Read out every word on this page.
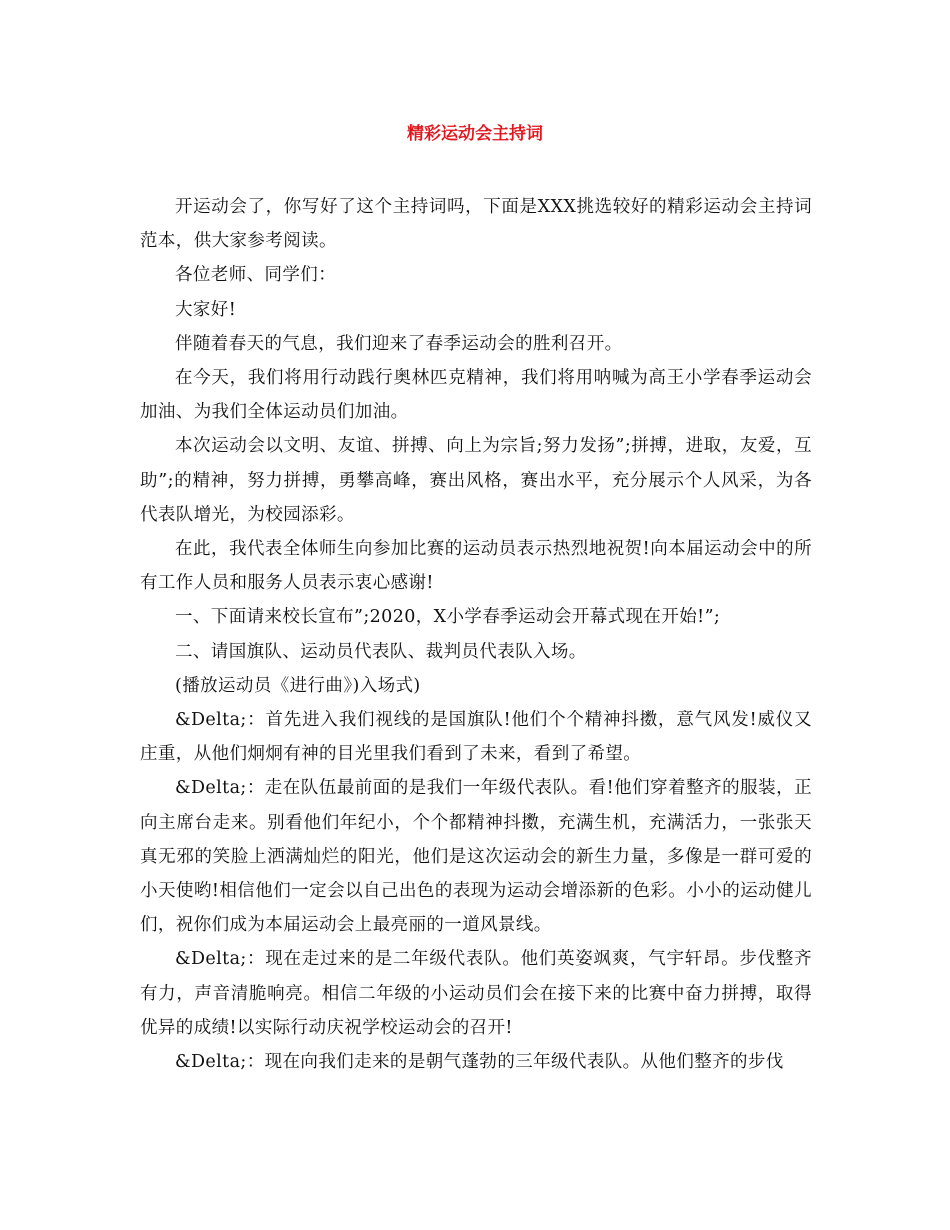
精彩运动会主持词

开运动会了，你写好了这个主持词吗，下面是XXX挑选较好的精彩运动会主持词范本，供大家参考阅读。

各位老师、同学们：

大家好!

伴随着春天的气息，我们迎来了春季运动会的胜利召开。

在今天，我们将用行动践行奥林匹克精神，我们将用呐喊为高王小学春季运动会加油、为我们全体运动员们加油。

本次运动会以文明、友谊、拼搏、向上为宗旨;努力发扬”;拼搏，进取，友爱，互助”;的精神，努力拼搏，勇攀高峰，赛出风格，赛出水平，充分展示个人风采，为各代表队增光，为校园添彩。

在此，我代表全体师生向参加比赛的运动员表示热烈地祝贺!向本届运动会中的所有工作人员和服务人员表示衷心感谢!

一、下面请来校长宣布”;2020，X小学春季运动会开幕式现在开始!”;

二、请国旗队、运动员代表队、裁判员代表队入场。

(播放运动员《进行曲》)入场式)

&Delta;：首先进入我们视线的是国旗队!他们个个精神抖擞，意气风发!威仪又庄重，从他们炯炯有神的目光里我们看到了未来，看到了希望。

&Delta;：走在队伍最前面的是我们一年级代表队。看!他们穿着整齐的服装，正向主席台走来。别看他们年纪小，个个都精神抖擞，充满生机，充满活力，一张张天真无邪的笑脸上洒满灿烂的阳光，他们是这次运动会的新生力量，多像是一群可爱的小天使哟!相信他们一定会以自己出色的表现为运动会增添新的色彩。小小的运动健儿们，祝你们成为本届运动会上最亮丽的一道风景线。

&Delta;：现在走过来的是二年级代表队。他们英姿飒爽，气宇轩昂。步伐整齐有力，声音清脆响亮。相信二年级的小运动员们会在接下来的比赛中奋力拼搏，取得优异的成绩!以实际行动庆祝学校运动会的召开!

&Delta;：现在向我们走来的是朝气蓬勃的三年级代表队。从他们整齐的步伐
